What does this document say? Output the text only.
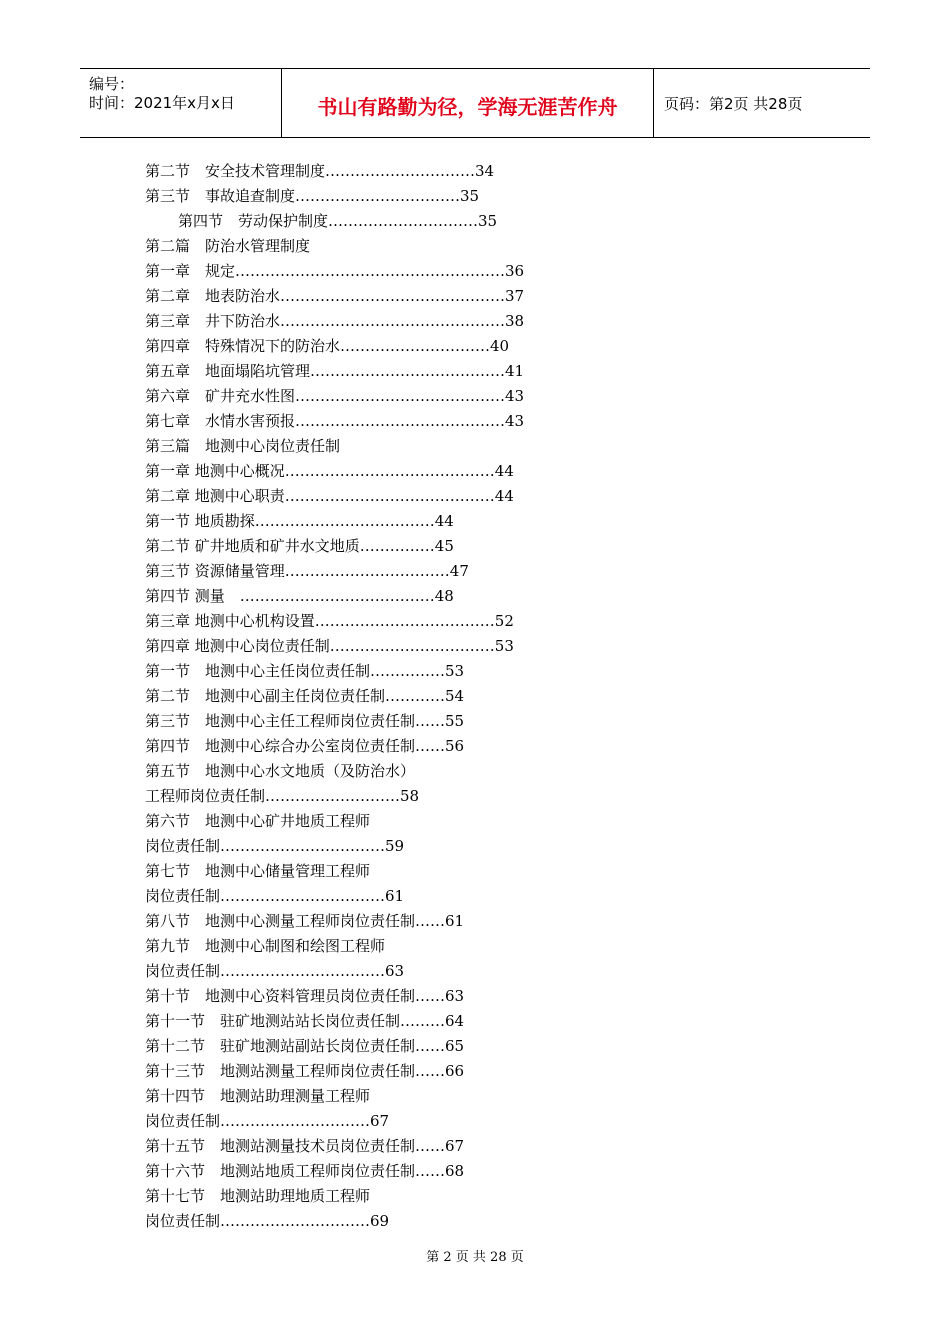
编号：
时间：2021年x月x日	书山有路勤为径，学海无涯苦作舟	页码：第2页 共28页
第二节　安全技术管理制度…………………………34
第三节　事故追查制度……………………………35
第四节　劳动保护制度…………………………35
第二篇　防治水管理制度
第一章　规定………………………………………………36
第二章　地表防治水………………………………………37
第三章　井下防治水………………………………………38
第四章　特殊情况下的防治水…………………………40
第五章　地面塌陷坑管理…………………………………41
第六章　矿井充水性图……………………………………43
第七章　水情水害预报……………………………………43
第三篇　地测中心岗位责任制
第一章 地测中心概况……………………………………44
第二章 地测中心职责……………………………………44
第一节 地质勘探………………………………44
第二节 矿井地质和矿井水文地质……………45
第三节 资源储量管理……………………………47
第四节 测量　…………………………………48
第三章 地测中心机构设置………………………………52
第四章 地测中心岗位责任制……………………………53
第一节　地测中心主任岗位责任制……………53
第二节　地测中心副主任岗位责任制…………54
第三节　地测中心主任工程师岗位责任制……55
第四节　地测中心综合办公室岗位责任制……56
第五节　地测中心水文地质（及防治水）
工程师岗位责任制………………………58
第六节　地测中心矿井地质工程师
岗位责任制……………………………59
第七节　地测中心储量管理工程师
岗位责任制……………………………61
第八节　地测中心测量工程师岗位责任制……61
第九节　地测中心制图和绘图工程师
岗位责任制……………………………63
第十节　地测中心资料管理员岗位责任制……63
第十一节　驻矿地测站站长岗位责任制………64
第十二节　驻矿地测站副站长岗位责任制……65
第十三节　地测站测量工程师岗位责任制……66
第十四节　地测站助理测量工程师
岗位责任制…………………………67
第十五节　地测站测量技术员岗位责任制……67
第十六节　地测站地质工程师岗位责任制……68
第十七节　地测站助理地质工程师
岗位责任制…………………………69
第 2 页 共 28 页
